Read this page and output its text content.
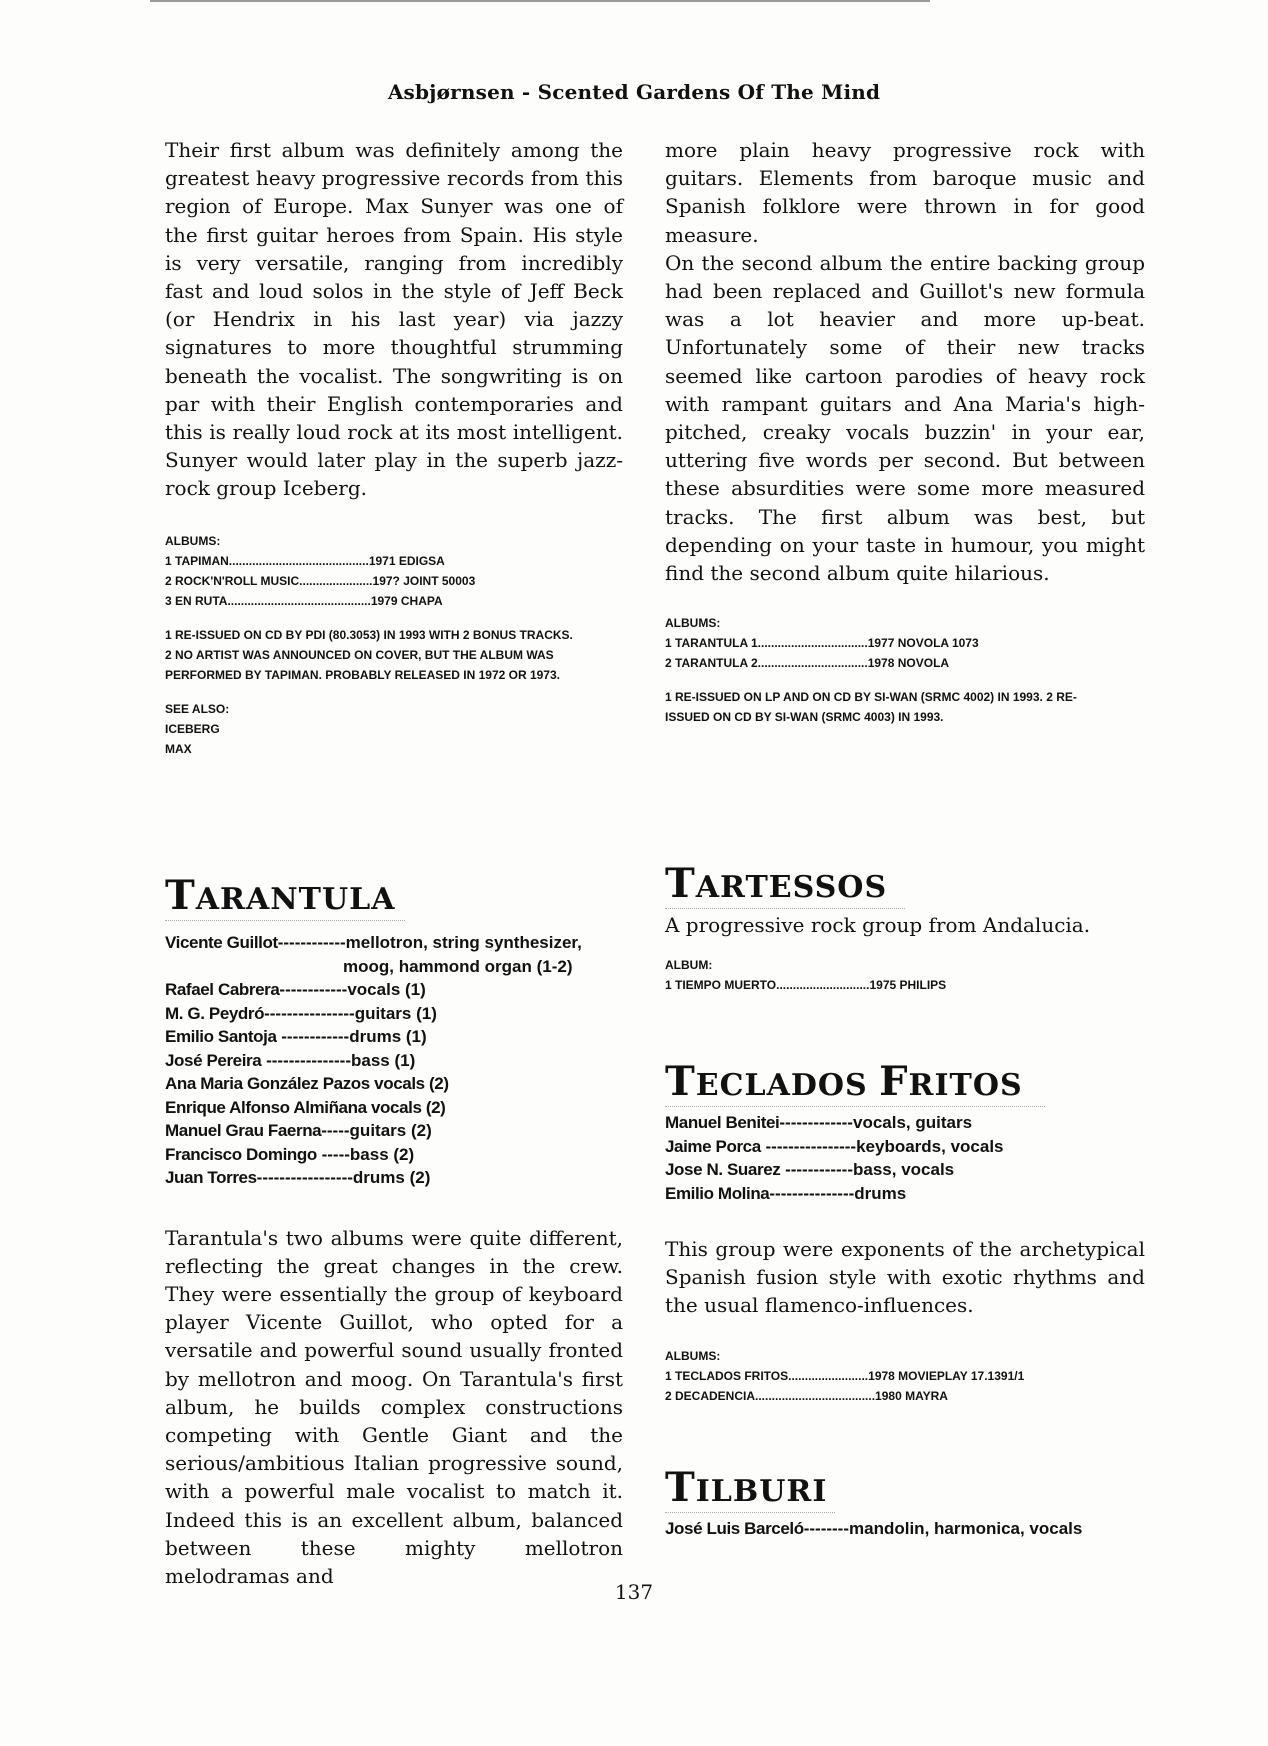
Asbjørnsen - Scented Gardens Of The Mind

Their first album was definitely among the greatest heavy progressive records from this region of Europe. Max Sunyer was one of the first guitar heroes from Spain. His style is very versatile, ranging from incredibly fast and loud solos in the style of Jeff Beck (or Hendrix in his last year) via jazzy signatures to more thoughtful strumming beneath the vocalist. The songwriting is on par with their English contemporaries and this is really loud rock at its most intelligent. Sunyer would later play in the superb jazz-rock group Iceberg.

ALBUMS:
1 TAPIMAN .......................................... 1971 EDIGSA
2 ROCK'N'ROLL MUSIC ...................... 197? JOINT 50003
3 EN RUTA ........................................... 1979 CHAPA
1 RE-ISSUED ON CD BY PDI (80.3053) IN 1993 WITH 2 BONUS TRACKS.
2 NO ARTIST WAS ANNOUNCED ON COVER, BUT THE ALBUM WAS
PERFORMED BY TAPIMAN. PROBABLY RELEASED IN 1972 OR 1973.
SEE ALSO:
ICEBERG
MAX
TARANTULA
Vicente Guillot------------mellotron, string synthesizer,
moog, hammond organ (1-2)
Rafael Cabrera------------vocals (1)
M. G. Peydró----------------guitars (1)
Emilio Santoja ------------drums (1)
José Pereira ---------------bass (1)
Ana Maria González Pazos vocals (2)
Enrique Alfonso Almiñana vocals (2)
Manuel Grau Faerna-----guitars (2)
Francisco Domingo -----bass (2)
Juan Torres-----------------drums (2)

Tarantula's two albums were quite different, reflecting the great changes in the crew. They were essentially the group of keyboard player Vicente Guillot, who opted for a versatile and powerful sound usually fronted by mellotron and moog. On Tarantula's first album, he builds complex constructions competing with Gentle Giant and the serious/ambitious Italian progressive sound, with a powerful male vocalist to match it. Indeed this is an excellent album, balanced between these mighty mellotron melodramas and

more plain heavy progressive rock with guitars. Elements from baroque music and Spanish folklore were thrown in for good measure.

On the second album the entire backing group had been replaced and Guillot's new formula was a lot heavier and more up-beat. Unfortunately some of their new tracks seemed like cartoon parodies of heavy rock with rampant guitars and Ana Maria's high-pitched, creaky vocals buzzin' in your ear, uttering five words per second. But between these absurdities were some more measured tracks. The first album was best, but depending on your taste in humour, you might find the second album quite hilarious.

ALBUMS:
1 TARANTULA 1 ................................. 1977 NOVOLA 1073
2 TARANTULA 2 ................................. 1978 NOVOLA
1 RE-ISSUED ON LP AND ON CD BY SI-WAN (SRMC 4002) IN 1993. 2 RE-
ISSUED ON CD BY SI-WAN (SRMC 4003) IN 1993.
TARTESSOS

A progressive rock group from Andalucia.

ALBUM:
1 TIEMPO MUERTO ............................ 1975 PHILIPS
TECLADOS FRITOS
Manuel Benitei-------------vocals, guitars
Jaime Porca ----------------keyboards, vocals
Jose N. Suarez ------------bass, vocals
Emilio Molina---------------drums

This group were exponents of the archetypical Spanish fusion style with exotic rhythms and the usual flamenco-influences.

ALBUMS:
1 TECLADOS FRITOS ........................ 1978 MOVIEPLAY 17.1391/1
2 DECADENCIA .................................... 1980 MAYRA
TILBURI
José Luis Barceló--------mandolin, harmonica, vocals
137
